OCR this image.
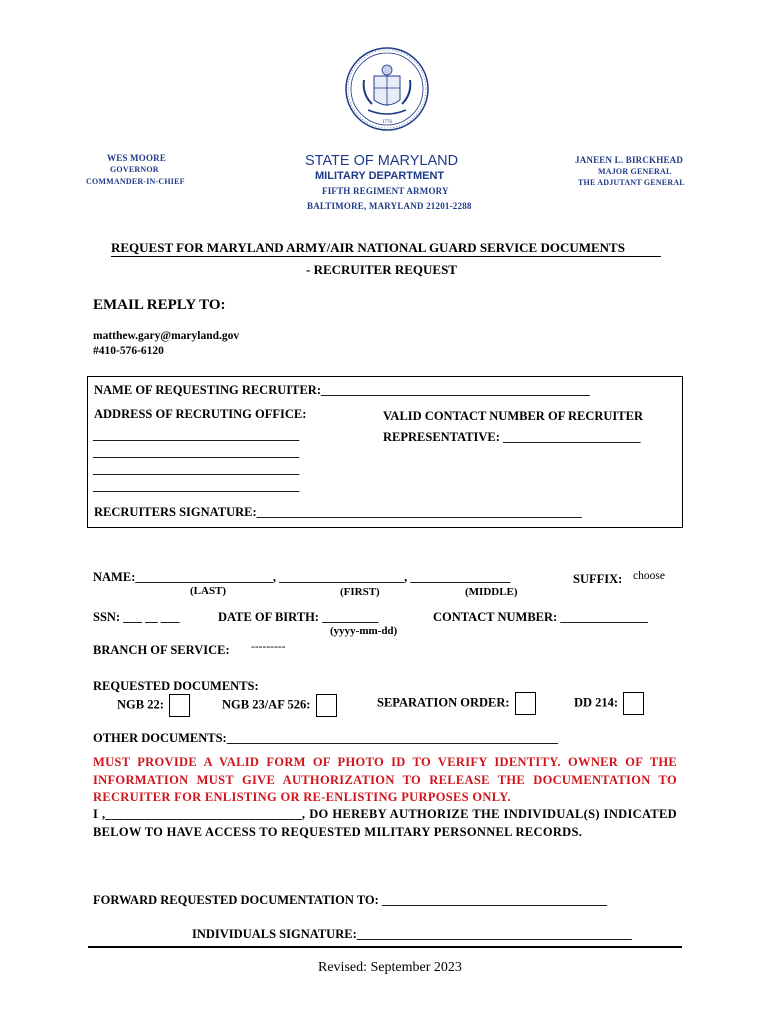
1776
WES MOORE
GOVERNOR
COMMANDER-IN-CHIEF
STATE OF MARYLAND
MILITARY DEPARTMENT
FIFTH REGIMENT ARMORY
BALTIMORE, MARYLAND 21201-2288
JANEEN L. BIRCKHEAD
MAJOR GENERAL
THE ADJUTANT GENERAL
REQUEST FOR MARYLAND ARMY/AIR NATIONAL GUARD SERVICE DOCUMENTS
- RECRUITER REQUEST
EMAIL REPLY TO:
matthew.gary@maryland.gov
#410-576-6120
NAME OF REQUESTING RECRUITER:___________________________________________
ADDRESS OF RECRUTING OFFICE:
_________________________________
_________________________________
_________________________________
_________________________________
VALID CONTACT NUMBER OF RECRUITER
REPRESENTATIVE: ______________________
RECRUITERS SIGNATURE:____________________________________________________
NAME:______________________, ____________________, ________________
(LAST)	(FIRST)	(MIDDLE)
SUFFIX: choose
SSN: ___ __ ___	DATE OF BIRTH: _________
(yyyy-mm-dd)
CONTACT NUMBER: ______________
BRANCH OF SERVICE: ---------
REQUESTED DOCUMENTS:
NGB 22:	NGB 23/AF 526:	SEPARATION ORDER:	DD 214:
OTHER DOCUMENTS:_____________________________________________________
MUST PROVIDE A VALID FORM OF PHOTO ID TO VERIFY IDENTITY. OWNER OF THE INFORMATION MUST GIVE AUTHORIZATION TO RELEASE THE DOCUMENTATION TO RECRUITER FOR ENLISTING OR RE-ENLISTING PURPOSES ONLY.
I ,______________________________, DO HEREBY AUTHORIZE THE INDIVIDUAL(S) INDICATED BELOW TO HAVE ACCESS TO REQUESTED MILITARY PERSONNEL RECORDS.
FORWARD REQUESTED DOCUMENTATION TO: ____________________________________
INDIVIDUALS SIGNATURE:____________________________________________
Revised: September 2023
